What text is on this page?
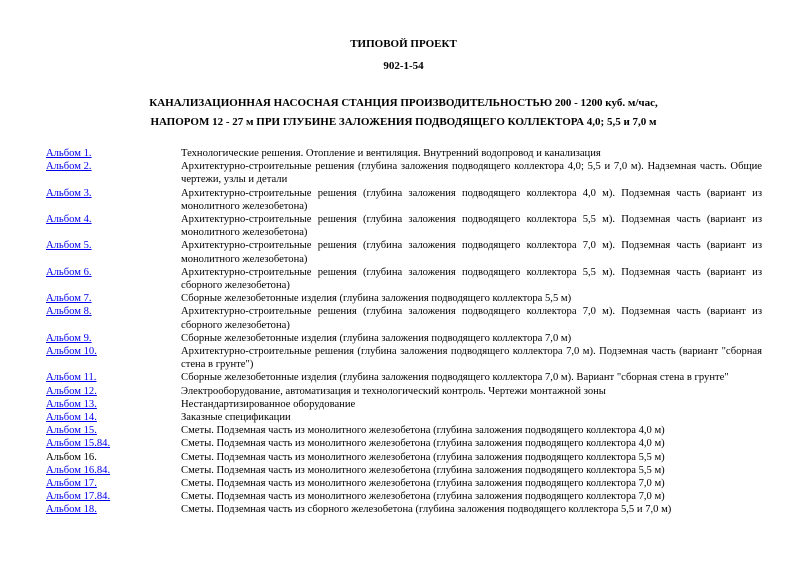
ТИПОВОЙ ПРОЕКТ
902-1-54
КАНАЛИЗАЦИОННАЯ НАСОСНАЯ СТАНЦИЯ ПРОИЗВОДИТЕЛЬНОСТЬЮ 200 - 1200 куб. м/час,
НАПОРОМ 12 - 27 м ПРИ ГЛУБИНЕ ЗАЛОЖЕНИЯ ПОДВОДЯЩЕГО КОЛЛЕКТОРА 4,0; 5,5 и 7,0 м
Альбом 1.	Технологические решения. Отопление и вентиляция. Внутренний водопровод и канализация
Альбом 2.	Архитектурно-строительные решения (глубина заложения подводящего коллектора 4,0; 5,5 и 7,0 м). Надземная часть. Общие чертежи, узлы и детали
Альбом 3.	Архитектурно-строительные решения (глубина заложения подводящего коллектора 4,0 м). Подземная часть (вариант из монолитного железобетона)
Альбом 4.	Архитектурно-строительные решения (глубина заложения подводящего коллектора 5,5 м). Подземная часть (вариант из монолитного железобетона)
Альбом 5.	Архитектурно-строительные решения (глубина заложения подводящего коллектора 7,0 м). Подземная часть (вариант из монолитного железобетона)
Альбом 6.	Архитектурно-строительные решения (глубина заложения подводящего коллектора 5,5 м). Подземная часть (вариант из сборного железобетона)
Альбом 7.	Сборные железобетонные изделия (глубина заложения подводящего коллектора 5,5 м)
Альбом 8.	Архитектурно-строительные решения (глубина заложения подводящего коллектора 7,0 м). Подземная часть (вариант из сборного железобетона)
Альбом 9.	Сборные железобетонные изделия (глубина заложения подводящего коллектора 7,0 м)
Альбом 10.	Архитектурно-строительные решения (глубина заложения подводящего коллектора 7,0 м). Подземная часть (вариант "сборная стена в грунте")
Альбом 11.	Сборные железобетонные изделия (глубина заложения подводящего коллектора 7,0 м). Вариант "сборная стена в грунте"
Альбом 12.	Электрооборудование, автоматизация и технологический контроль. Чертежи монтажной зоны
Альбом 13.	Нестандартизированное оборудование
Альбом 14.	Заказные спецификации
Альбом 15.	Сметы. Подземная часть из монолитного железобетона (глубина заложения подводящего коллектора 4,0 м)
Альбом 15.84.	Сметы. Подземная часть из монолитного железобетона (глубина заложения подводящего коллектора 4,0 м)
Альбом 16.	Сметы. Подземная часть из монолитного железобетона (глубина заложения подводящего коллектора 5,5 м)
Альбом 16.84.	Сметы. Подземная часть из монолитного железобетона (глубина заложения подводящего коллектора 5,5 м)
Альбом 17.	Сметы. Подземная часть из монолитного железобетона (глубина заложения подводящего коллектора 7,0 м)
Альбом 17.84.	Сметы. Подземная часть из монолитного железобетона (глубина заложения подводящего коллектора 7,0 м)
Альбом 18.	Сметы. Подземная часть из сборного железобетона (глубина заложения подводящего коллектора 5,5 и 7,0 м)
